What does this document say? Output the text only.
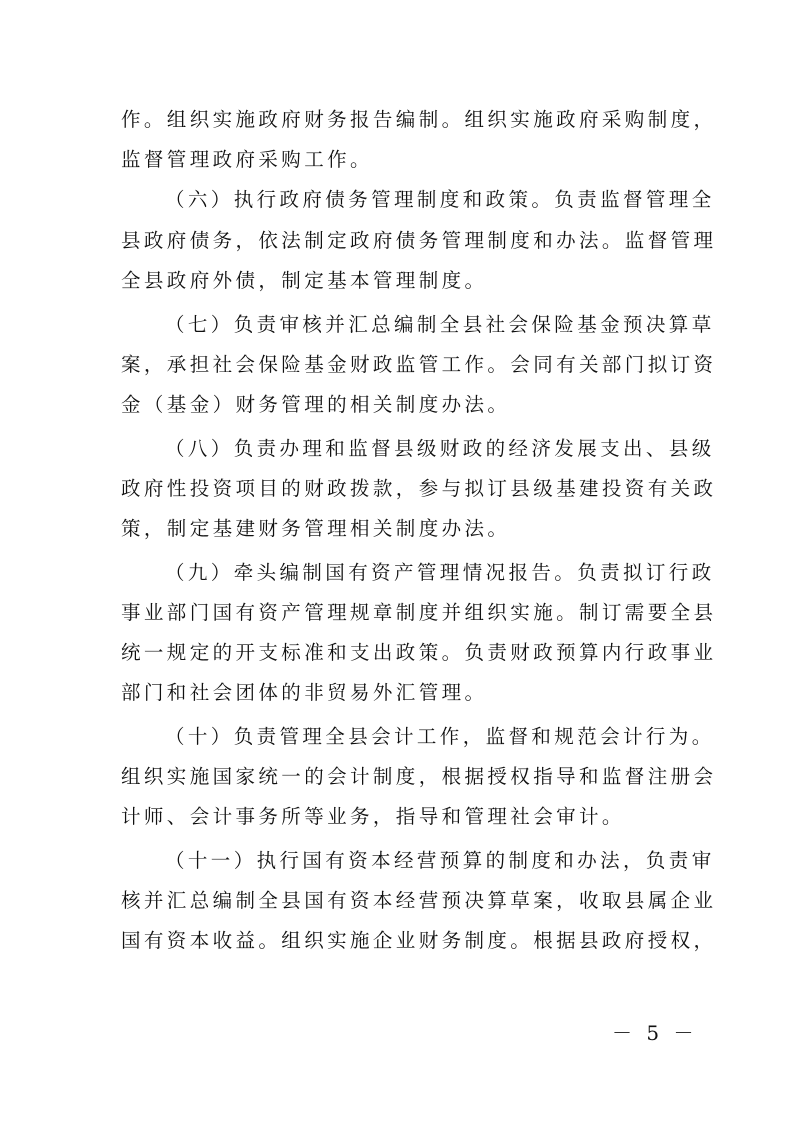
作。组织实施政府财务报告编制。组织实施政府采购制度，
监督管理政府采购工作。
（六）执行政府债务管理制度和政策。负责监督管理全
县政府债务，依法制定政府债务管理制度和办法。监督管理
全县政府外债，制定基本管理制度。
（七）负责审核并汇总编制全县社会保险基金预决算草
案，承担社会保险基金财政监管工作。会同有关部门拟订资
金（基金）财务管理的相关制度办法。
（八）负责办理和监督县级财政的经济发展支出、县级
政府性投资项目的财政拨款，参与拟订县级基建投资有关政
策，制定基建财务管理相关制度办法。
（九）牵头编制国有资产管理情况报告。负责拟订行政
事业部门国有资产管理规章制度并组织实施。制订需要全县
统一规定的开支标准和支出政策。负责财政预算内行政事业
部门和社会团体的非贸易外汇管理。
（十）负责管理全县会计工作，监督和规范会计行为。
组织实施国家统一的会计制度，根据授权指导和监督注册会
计师、会计事务所等业务，指导和管理社会审计。
（十一）执行国有资本经营预算的制度和办法，负责审
核并汇总编制全县国有资本经营预决算草案，收取县属企业
国有资本收益。组织实施企业财务制度。根据县政府授权，
－ 5 －
